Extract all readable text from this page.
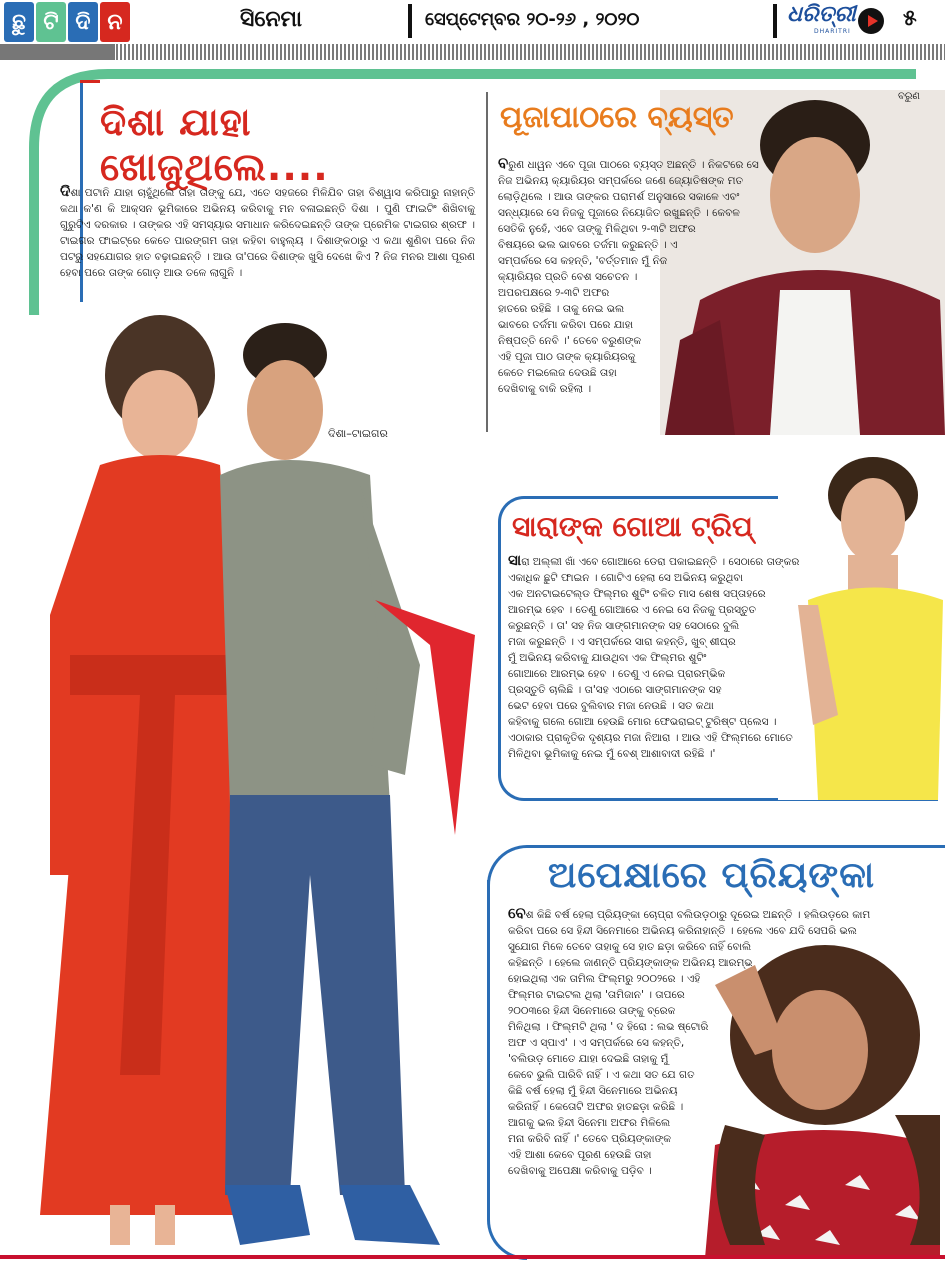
ଛୁ ଟି ଦି ନ	ସିନେମା	ସେପ୍ଟେମ୍ବର ୨୦-୨୬ , ୨୦୨୦	ଧରିତ୍ରୀ
DHARITRI
୫
ଦିଶା ଯାହା ଖୋଜୁଥିଲେ....
ଦିଶା ପଟାନି ଯାହା ଚାହୁଁଥିଲେ ତାହା ତାଙ୍କୁ ଯେ, ଏତେ ସହଜରେ ମିଳିଯିବ ତାହା ବିଶ୍ୱାସ କରିପାରୁ ନାହାନ୍ତି କଥା କ'ଣ କି ଆକ୍ସନ ଭୂମିକାରେ ଅଭିନୟ କରିବାକୁ ମନ ବଳାଇଛନ୍ତି ଦିଶା । ପୁଣି ଫାଇଟିଂ ଶିଖିବାକୁ ଗୁରୁଟିଏ ଦରକାର । ତାଙ୍କର ଏହି ସମସ୍ୟାର ସମାଧାନ କରିଦେଇଛନ୍ତି ତାଙ୍କ ପ୍ରେମିକ ଟାଇଗର ଶ୍ରଫ । ଟାଇଗର ଫାଇଟ୍‌ରେ କେତେ ପାରଙ୍ଗମ ତାହା କହିବା ବାହୁଲ୍ୟ । ଦିଶାଙ୍କଠାରୁ ଏ କଥା ଶୁଣିବା ପରେ ନିଜ ପଟରୁ ସହଯୋଗର ହାତ ବଢ଼ାଇଛନ୍ତି । ଆଉ ତା'ପରେ ଦିଶାଙ୍କ ଖୁସି ଦେଖେ କିଏ ? ନିଜ ମନର ଆଶା ପୂରଣ ହେବା ପରେ ତାଙ୍କ ଗୋଡ଼ ଆଉ ତଳେ ଲାଗୁନି ।
ଦିଶା–ଟାଇଗର
ପୂଜାପାଠରେ ବ୍ୟସ୍ତ
ବରୁଣ
ବରୁଣ ଧାୱନ ଏବେ ପୂଜା ପାଠରେ ବ୍ୟସ୍ତ ଅଛନ୍ତି । ନିକଟରେ ସେ
ନିଜ ଅଭିନୟ କ୍ୟାରିୟର ସମ୍ପର୍କରେ ଜଣେ ଜ୍ୟୋତିଷଙ୍କ ମତ
ଲୋଡ଼ିଥିଲେ । ଆଉ ତାଙ୍କର ପରାମର୍ଶ ଅନୁସାରେ ସକାଳେ ଏବଂ
ସନ୍ଧ୍ୟାରେ ସେ ନିଜକୁ ପୂଜାରେ ନିୟୋଜିତ ରଖୁଛନ୍ତି । କେବଳ
ସେତିକି ନୁହେଁ, ଏବେ ତାଙ୍କୁ ମିଳିଥିବା ୨-୩ଟି ଅଫର
ବିଷୟରେ ଭଲ ଭାବରେ ତର୍ଜମା କରୁଛନ୍ତି । ଏ
ସମ୍ପର୍କରେ ସେ କହନ୍ତି, 'ବର୍ତ୍ତମାନ ମୁଁ ନିଜ
କ୍ୟାରିୟର ପ୍ରତି ବେଶ ସଚେତନ ।
ଅପରପକ୍ଷରେ ୨-୩ଟି ଅଫର
ହାତରେ ରହିଛି । ତାକୁ ନେଇ ଭଲ
ଭାବରେ ତର୍ଜମା କରିବା ପରେ ଯାହା
ନିଷ୍ପତ୍ତି ନେବି ।' ତେବେ ବରୁଣଙ୍କ
ଏହି ପୂଜା ପାଠ ତାଙ୍କ କ୍ୟାରିୟରକୁ
କେତେ ମଇଲେଜ ଦେଉଛି ତାହା
ଦେଖିବାକୁ ବାକି ରହିଲା ।
ସାରାଙ୍କ ଗୋଆ ଟ୍ରିପ୍
ସାରା ଅଲ୍ଲୀ ଖାଁ ଏବେ ଗୋଆରେ ଡେରା ପକାଇଛନ୍ତି । ସେଠାରେ ତାଙ୍କର
ଏକାଧିକ ଛୁଟି ଫାଇନ । ଗୋଟିଏ ହେଲା ସେ ଅଭିନୟ କରୁଥିବା
ଏକ ଅନଟାଇଟେଲ୍ଡ ଫିଲ୍ମର ଶୁଟିଂ ଚଳିତ ମାସ ଶେଷ ସପ୍ତାହରେ
ଆରମ୍ଭ ହେବ । ତେଣୁ ଗୋଆରେ ଏ ନେଇ ସେ ନିଜକୁ ପ୍ରସ୍ତୁତ
କରୁଛନ୍ତି । ତା' ସହ ନିଜ ସାଙ୍ଗମାନଙ୍କ ସହ ସେଠାରେ ବୁଲି
ମଜା କରୁଛନ୍ତି । ଏ ସମ୍ପର୍କରେ ସାରା କହନ୍ତି, ଖୁବ୍ ଶୀଘ୍ର
ମୁଁ ଅଭିନୟ କରିବାକୁ ଯାଉଥିବା ଏକ ଫିଲ୍ମର ଶୁଟିଂ
ଗୋଆରେ ଆରମ୍ଭ ହେବ । ତେଣୁ ଏ ନେଇ ପ୍ରାରମ୍ଭିକ
ପ୍ରସ୍ତୁତି ଚାଲିଛି । ତା'ସହ ଏଠାରେ ସାଙ୍ଗମାନଙ୍କ ସହ
ଭେଟ ହେବା ପରେ ବୁଲିବାର ମଜା ନେଉଛି । ସତ କଥା
କହିବାକୁ ଗଲେ ଗୋଆ ହେଉଛି ମୋର ଫେଭରାଇଟ୍ ଟୁରିଷ୍ଟ ପ୍ଲେସ ।
ଏଠାକାର ପ୍ରାକୃତିକ ଦୃଶ୍ୟର ମଜା ନିଆରା । ଆଉ ଏହି ଫିଲ୍ମରେ ମୋତେ
ମିଳିଥିବା ଭୂମିକାକୁ ନେଇ ମୁଁ ବେଶ୍ ଆଶାବାଦୀ ରହିଛି ।'
ଅପେକ୍ଷାରେ ପ୍ରିୟଙ୍କା
ବେଶ କିଛି ବର୍ଷ ହେଲା ପ୍ରିୟଙ୍କା ଚୋପ୍ରା ବଲିଉଡ଼ଠାରୁ ଦୂରେଇ ଅଛନ୍ତି । ହଲିଉଡ଼ରେ କାମ
କରିବା ପରେ ସେ ହିନ୍ଦୀ ସିନେମାରେ ଅଭିନୟ କରିନାହାନ୍ତି । ହେଲେ ଏବେ ଯଦି ସେପରି ଭଲ
ସୁଯୋଗ ମିଳେ ତେବେ ତାହାକୁ ସେ ହାତ ଛଡ଼ା କରିବେ ନାହିଁ ବୋଲି
କହିଛନ୍ତି । ହେଲେ ଜାଣନ୍ତି ପ୍ରିୟଙ୍କାଙ୍କ ଅଭିନୟ ଆରମ୍ଭ
ହୋଇଥିଲା ଏକ ତାମିଲ ଫିଲ୍ମରୁ ୨୦୦୨ରେ । ଏହି
ଫିଲ୍ମର ଟାଇଟଲ ଥିଲା 'ତାମିଜାନ' । ତାପରେ
୨୦୦୩ରେ ହିନ୍ଦୀ ସିନେମାରେ ତାଙ୍କୁ ବ୍ରେକ
ମିଳିଥିଲା । ଫିଲ୍ମଟି ଥିଲା ' ଦ ହିରୋ : ଲଭ ଷ୍ଟୋରି
ଅଫ ଏ ସ୍ପାଏ' । ଏ ସମ୍ପର୍କରେ ସେ କହନ୍ତି,
'ବଲିଉଡ଼ ମୋତେ ଯାହା ଦେଇଛି ତାହାକୁ ମୁଁ
କେବେ ଭୁଲି ପାରିବି ନାହିଁ । ଏ କଥା ସତ ଯେ ଗତ
କିଛି ବର୍ଷ ହେଲା ମୁଁ ହିନ୍ଦୀ ସିନେମାରେ ଅଭିନୟ
କରିନାହିଁ । କେତୋଟି ଅଫର ହାତଛଡ଼ା କରିଛି ।
ଆଗକୁ ଭଲ ହିନ୍ଦୀ ସିନେମା ଅଫର ମିଳିଲେ
ମନା କରିବି ନାହିଁ ।' ତେବେ ପ୍ରିୟଙ୍କାଙ୍କ
ଏହି ଆଶା କେବେ ପୂରଣ ହେଉଛି ତାହା
ଦେଖିବାକୁ ଅପେକ୍ଷା କରିବାକୁ ପଡ଼ିବ ।
